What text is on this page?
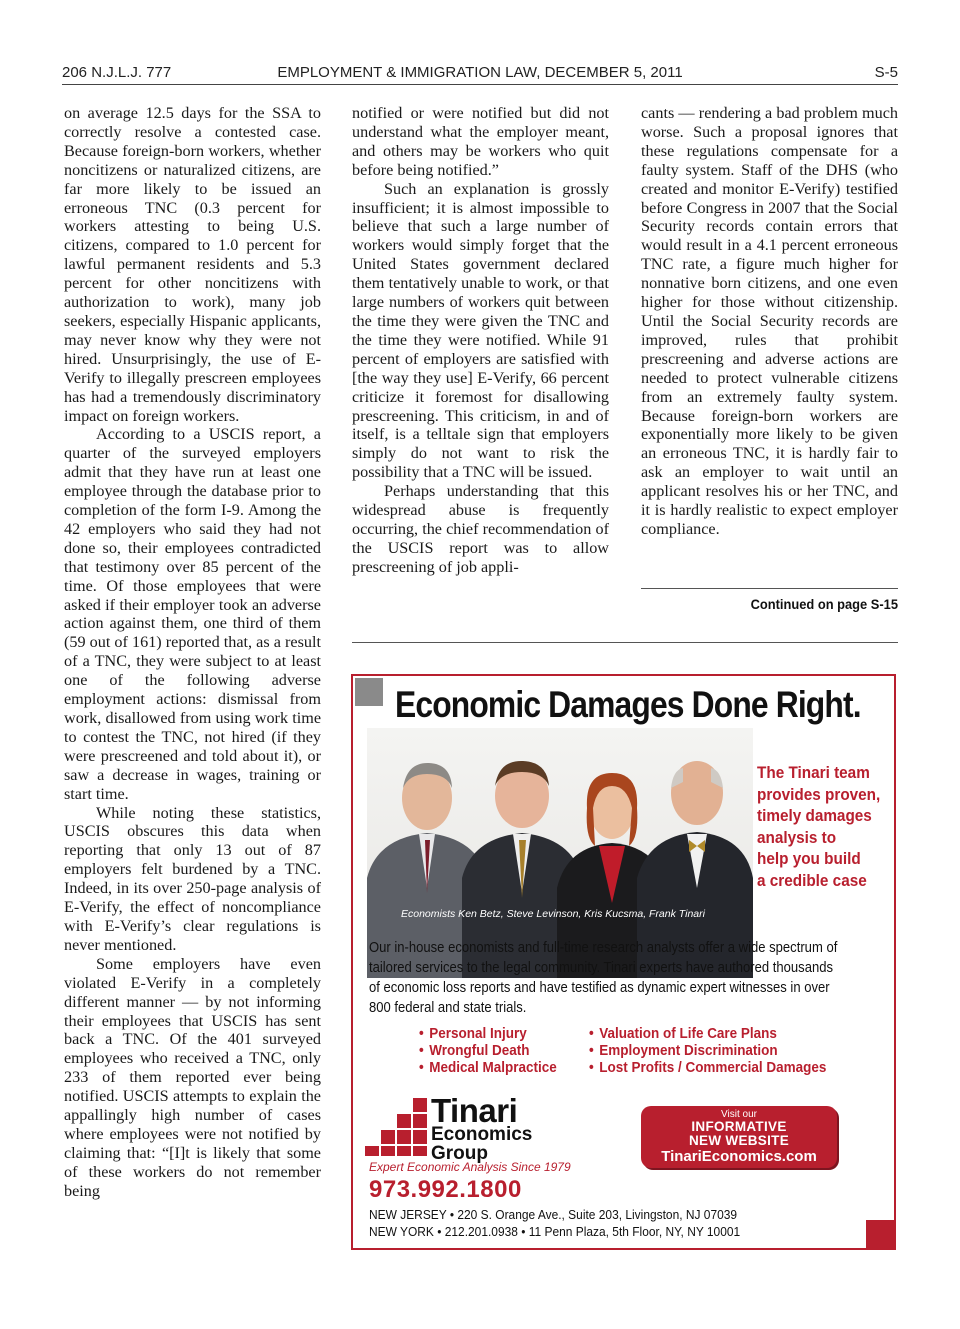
206 N.J.L.J. 777	EMPLOYMENT & IMMIGRATION LAW, DECEMBER 5, 2011	S-5

on average 12.5 days for the SSA to correctly resolve a contested case. Because foreign-born workers, whether noncitizens or naturalized citizens, are far more likely to be issued an erroneous TNC (0.3 percent for workers attesting to being U.S. citizens, compared to 1.0 percent for lawful permanent residents and 5.3 percent for other noncitizens with authorization to work), many job seekers, especially Hispanic applicants, may never know why they were not hired. Unsurprisingly, the use of E-Verify to illegally prescreen employees has had a tremendously discriminatory impact on foreign workers.

According to a USCIS report, a quarter of the surveyed employers admit that they have run at least one employee through the database prior to completion of the form I-9. Among the 42 employers who said they had not done so, their employees contradicted that testimony over 85 percent of the time. Of those employees that were asked if their employer took an adverse action against them, one third of them (59 out of 161) reported that, as a result of a TNC, they were subject to at least one of the following adverse employment actions: dismissal from work, disallowed from using work time to contest the TNC, not hired (if they were prescreened and told about it), or saw a decrease in wages, training or start time.

While noting these statistics, USCIS obscures this data when reporting that only 13 out of 87 employers felt burdened by a TNC. Indeed, in its over 250-page analysis of E-Verify, the effect of noncompliance with E-Verify’s clear regulations is never mentioned.

Some employers have even violated E-Verify in a completely different manner — by not informing their employees that USCIS has sent back a TNC. Of the 401 surveyed employees who received a TNC, only 233 of them reported ever being notified. USCIS attempts to explain the appallingly high number of cases where employees were not notified by claiming that: “[I]t is likely that some of these workers do not remember being

notified or were notified but did not understand what the employer meant, and others may be workers who quit before being notified.”

Such an explanation is grossly insufficient; it is almost impossible to believe that such a large number of workers would simply forget that the United States government declared them tentatively unable to work, or that large numbers of workers quit between the time they were given the TNC and the time they were notified. While 91 percent of employers are satisfied with [the way they use] E-Verify, 66 percent criticize it foremost for disallowing prescreening. This criticism, in and of itself, is a telltale sign that employers simply do not want to risk the possibility that a TNC will be issued.

Perhaps understanding that this widespread abuse is frequently occurring, the chief recommendation of the USCIS report was to allow prescreening of job appli-

cants — rendering a bad problem much worse. Such a proposal ignores that these regulations compensate for a faulty system. Staff of the DHS (who created and monitor E-Verify) testified before Congress in 2007 that the Social Security records contain errors that would result in a 4.1 percent erroneous TNC rate, a figure much higher for nonnative born citizens, and one even higher for those without citizenship. Until the Social Security records are improved, rules that prohibit prescreening and adverse actions are needed to protect vulnerable citizens from an extremely faulty system. Because foreign-born workers are exponentially more likely to be given an erroneous TNC, it is hardly fair to ask an employer to wait until an applicant resolves his or her TNC, and it is hardly realistic to expect employer compliance.

Continued on page S-15
Economic Damages Done Right.
Economists Ken Betz, Steve Levinson, Kris Kucsma, Frank Tinari
The Tinari team
provides proven,
timely damages
analysis to
help you build
a credible case
Our in-house economists and full-time research analysts offer a wide spectrum of
tailored services to the legal community. Tinari experts have authored thousands
of economic loss reports and have testified as dynamic expert witnesses in over
800 federal and state trials.
• Personal Injury
• Wrongful Death
• Medical Malpractice
• Valuation of Life Care Plans
• Employment Discrimination
• Lost Profits / Commercial Damages
Tinari
Economics
Group
Expert Economic Analysis Since 1979
973.992.1800
NEW JERSEY • 220 S. Orange Ave., Suite 203, Livingston, NJ 07039
NEW YORK • 212.201.0938 • 11 Penn Plaza, 5th Floor, NY, NY 10001
Visit our
INFORMATIVE
NEW WEBSITE
TinariEconomics.com
